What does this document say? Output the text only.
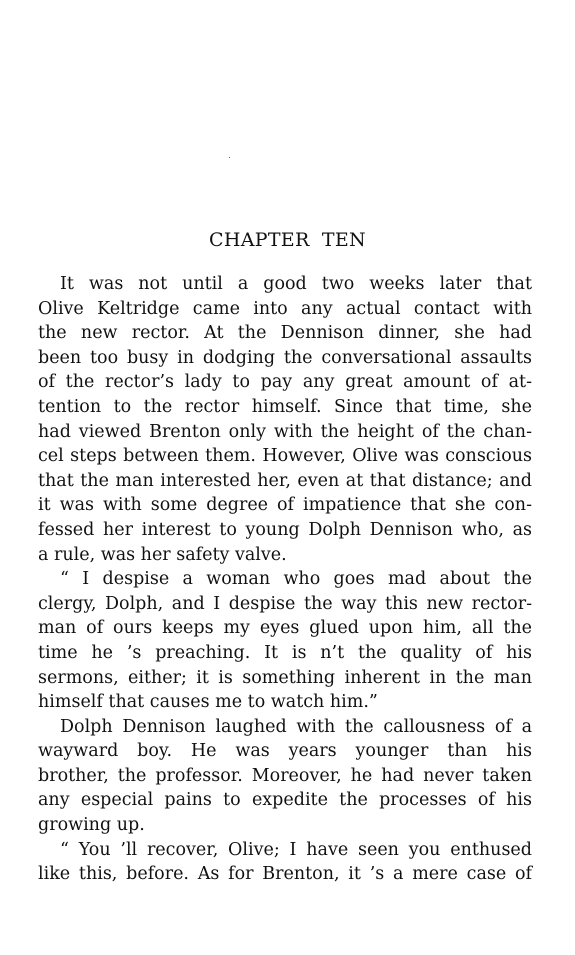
CHAPTER TEN
It was not until a good two weeks later that
Olive Keltridge came into any actual contact with
the new rector. At the Dennison dinner, she had
been too busy in dodging the conversational assaults
of the rector’s lady to pay any great amount of at-
tention to the rector himself. Since that time, she
had viewed Brenton only with the height of the chan-
cel steps between them. However, Olive was conscious
that the man interested her, even at that distance; and
it was with some degree of impatience that she con-
fessed her interest to young Dolph Dennison who, as
a rule, was her safety valve.
“ I despise a woman who goes mad about the
clergy, Dolph, and I despise the way this new rector-
man of ours keeps my eyes glued upon him, all the
time he ’s preaching. It is n’t the quality of his
sermons, either; it is something inherent in the man
himself that causes me to watch him.”
Dolph Dennison laughed with the callousness of a
wayward boy. He was years younger than his
brother, the professor. Moreover, he had never taken
any especial pains to expedite the processes of his
growing up.
“ You ’ll recover, Olive; I have seen you enthused
like this, before. As for Brenton, it ’s a mere case of
